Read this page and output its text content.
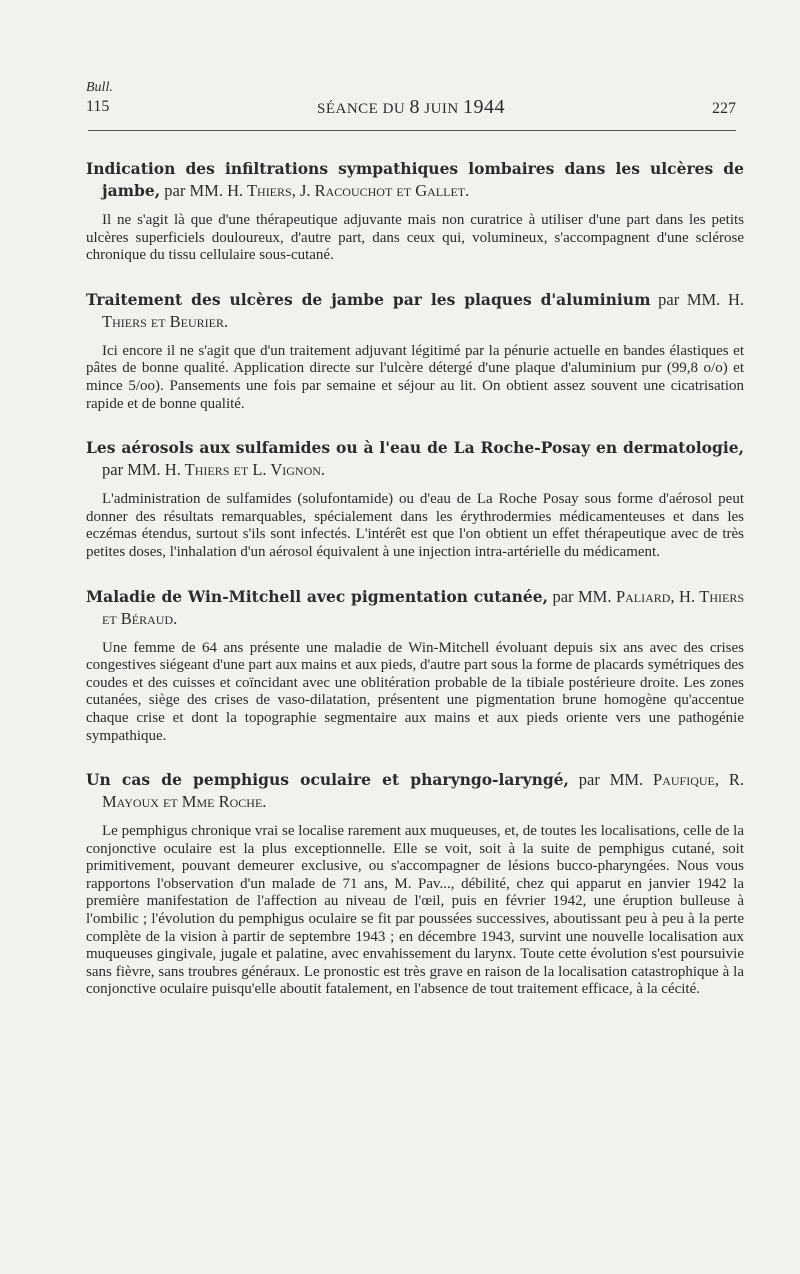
Bull.
115	SÉANCE DU 8 JUIN 1944	227
Indication des infiltrations sympathiques lombaires dans les ulcères de jambe, par MM. H. Thiers, J. Racouchot et Gallet.

Il ne s'agit là que d'une thérapeutique adjuvante mais non curatrice à utiliser d'une part dans les petits ulcères superficiels douloureux, d'autre part, dans ceux qui, volumineux, s'accompagnent d'une sclérose chronique du tissu cellulaire sous-cutané.

Traitement des ulcères de jambe par les plaques d'aluminium par MM. H. Thiers et Beurier.

Ici encore il ne s'agit que d'un traitement adjuvant légitimé par la pénurie actuelle en bandes élastiques et pâtes de bonne qualité. Application directe sur l'ulcère détergé d'une plaque d'aluminium pur (99,8 o/o) et mince 5/oo). Pansements une fois par semaine et séjour au lit. On obtient assez souvent une cicatrisation rapide et de bonne qualité.

Les aérosols aux sulfamides ou à l'eau de La Roche-Posay en dermatologie, par MM. H. Thiers et L. Vignon.

L'administration de sulfamides (solufontamide) ou d'eau de La Roche Posay sous forme d'aérosol peut donner des résultats remarquables, spécialement dans les érythrodermies médicamenteuses et dans les eczémas étendus, surtout s'ils sont infectés. L'intérêt est que l'on obtient un effet thérapeutique avec de très petites doses, l'inhalation d'un aérosol équivalent à une injection intra-artérielle du médicament.

Maladie de Win-Mitchell avec pigmentation cutanée, par MM. Paliard, H. Thiers et Béraud.

Une femme de 64 ans présente une maladie de Win-Mitchell évoluant depuis six ans avec des crises congestives siégeant d'une part aux mains et aux pieds, d'autre part sous la forme de placards symétriques des coudes et des cuisses et coïncidant avec une oblitération probable de la tibiale postérieure droite. Les zones cutanées, siège des crises de vaso-dilatation, présentent une pigmentation brune homogène qu'accentue chaque crise et dont la topographie segmentaire aux mains et aux pieds oriente vers une pathogénie sympathique.

Un cas de pemphigus oculaire et pharyngo-laryngé, par MM. Paufique, R. Mayoux et Mme Roche.

Le pemphigus chronique vrai se localise rarement aux muqueuses, et, de toutes les localisations, celle de la conjonctive oculaire est la plus exceptionnelle. Elle se voit, soit à la suite de pemphigus cutané, soit primitivement, pouvant demeurer exclusive, ou s'accompagner de lésions bucco-pharyngées. Nous vous rapportons l'observation d'un malade de 71 ans, M. Pav..., débilité, chez qui apparut en janvier 1942 la première manifestation de l'affection au niveau de l'œil, puis en février 1942, une éruption bulleuse à l'ombilic ; l'évolution du pemphigus oculaire se fit par poussées successives, aboutissant peu à peu à la perte complète de la vision à partir de septembre 1943 ; en décembre 1943, survint une nouvelle localisation aux muqueuses gingivale, jugale et palatine, avec envahissement du larynx. Toute cette évolution s'est poursuivie sans fièvre, sans troubres généraux. Le pronostic est très grave en raison de la localisation catastrophique à la conjonctive oculaire puisqu'elle aboutit fatalement, en l'absence de tout traitement efficace, à la cécité.
